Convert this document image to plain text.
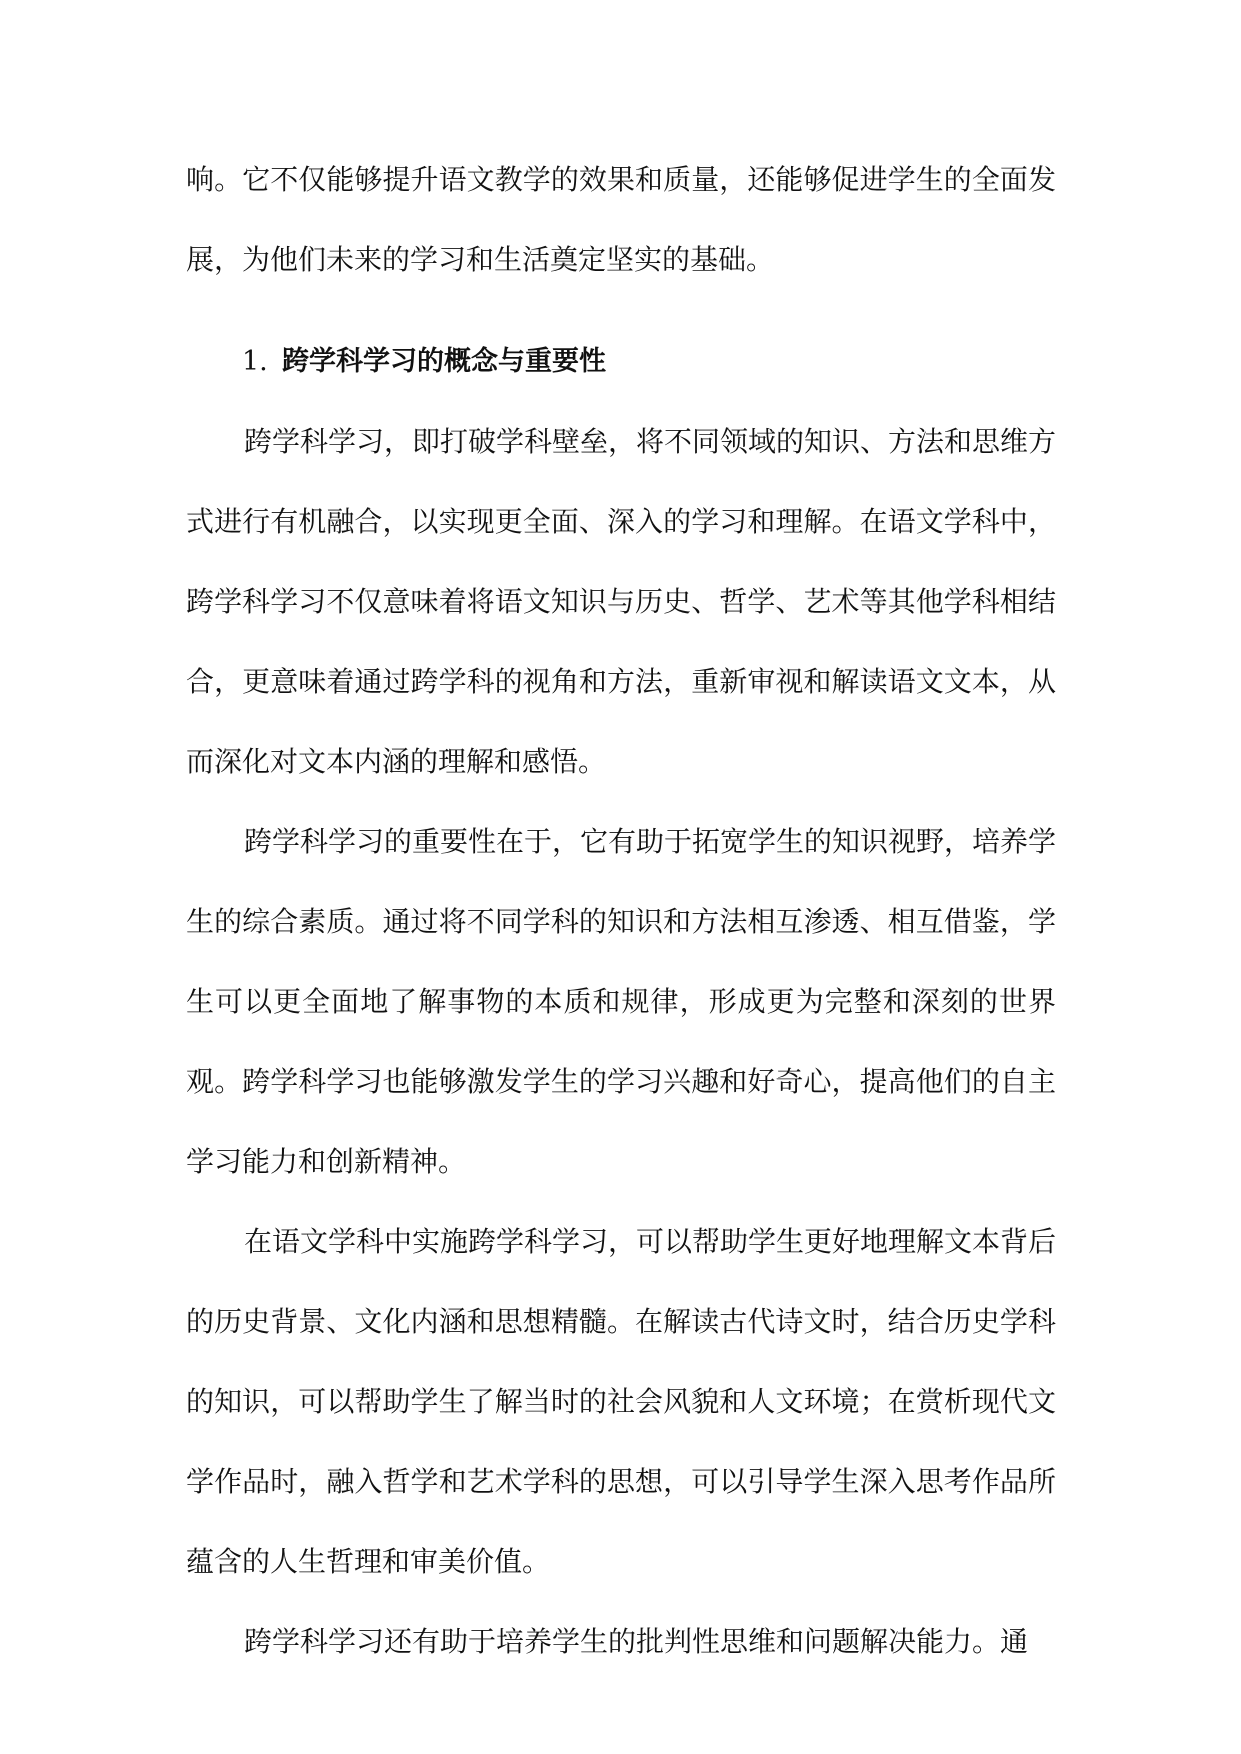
响。它不仅能够提升语文教学的效果和质量，还能够促进学生的全面发展，为他们未来的学习和生活奠定坚实的基础。

1. 跨学科学习的概念与重要性

跨学科学习，即打破学科壁垒，将不同领域的知识、方法和思维方式进行有机融合，以实现更全面、深入的学习和理解。在语文学科中，跨学科学习不仅意味着将语文知识与历史、哲学、艺术等其他学科相结合，更意味着通过跨学科的视角和方法，重新审视和解读语文文本，从而深化对文本内涵的理解和感悟。

跨学科学习的重要性在于，它有助于拓宽学生的知识视野，培养学生的综合素质。通过将不同学科的知识和方法相互渗透、相互借鉴，学生可以更全面地了解事物的本质和规律，形成更为完整和深刻的世界观。跨学科学习也能够激发学生的学习兴趣和好奇心，提高他们的自主学习能力和创新精神。

在语文学科中实施跨学科学习，可以帮助学生更好地理解文本背后的历史背景、文化内涵和思想精髓。在解读古代诗文时，结合历史学科的知识，可以帮助学生了解当时的社会风貌和人文环境；在赏析现代文学作品时，融入哲学和艺术学科的思想，可以引导学生深入思考作品所蕴含的人生哲理和审美价值。

跨学科学习还有助于培养学生的批判性思维和问题解决能力。通
